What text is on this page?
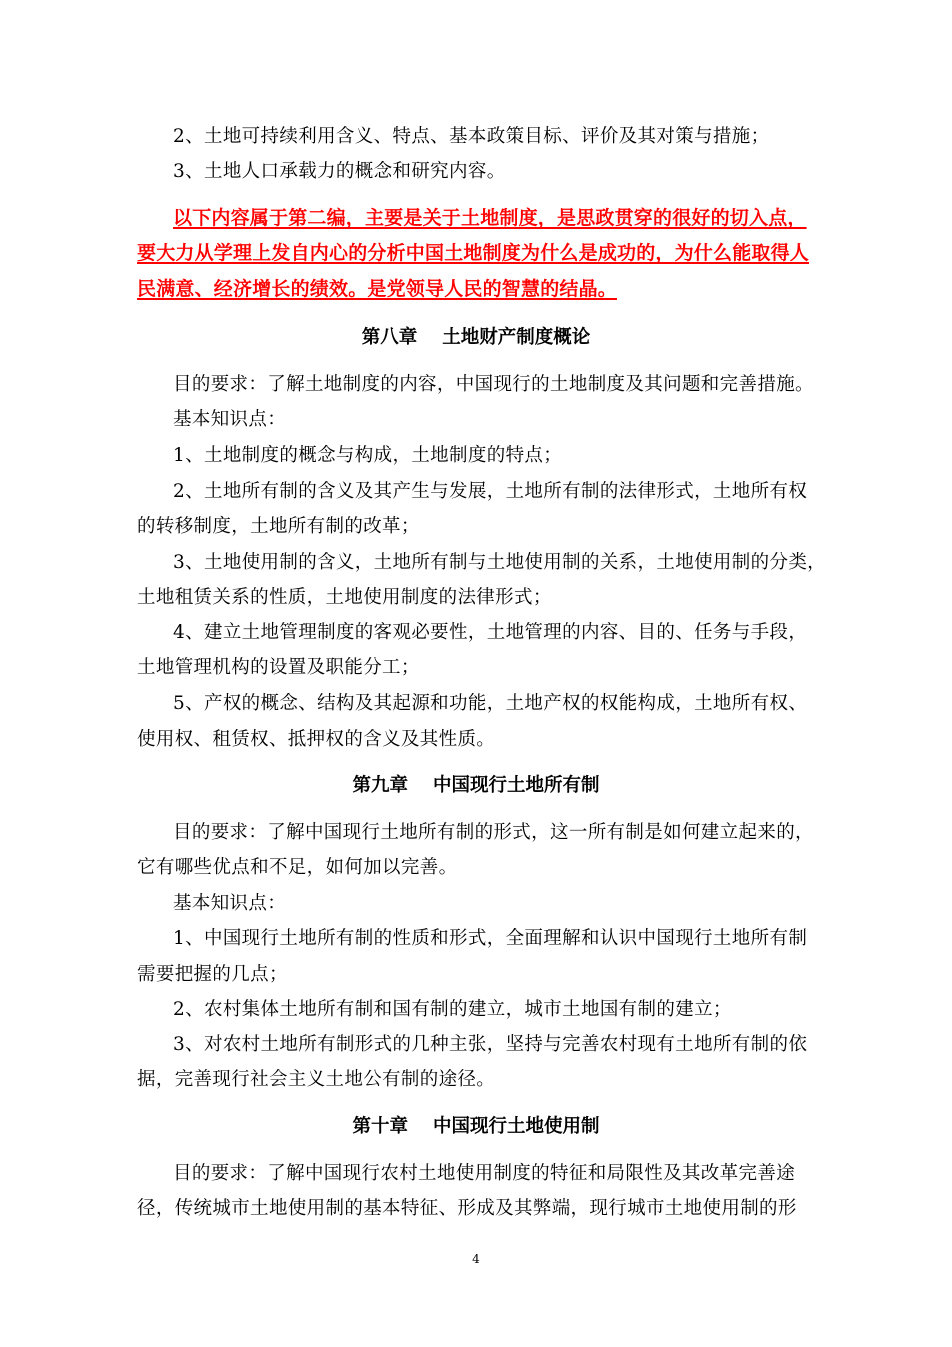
2、土地可持续利用含义、特点、基本政策目标、评价及其对策与措施；
3、土地人口承载力的概念和研究内容。
以下内容属于第二编，主要是关于土地制度，是思政贯穿的很好的切入点，
要大力从学理上发自内心的分析中国土地制度为什么是成功的，为什么能取得人
民满意、经济增长的绩效。是党领导人民的智慧的结晶。
第八章　 土地财产制度概论
目的要求：了解土地制度的内容，中国现行的土地制度及其问题和完善措施。
基本知识点：
1、土地制度的概念与构成，土地制度的特点；
2、土地所有制的含义及其产生与发展，土地所有制的法律形式，土地所有权
的转移制度，土地所有制的改革；
3、土地使用制的含义，土地所有制与土地使用制的关系，土地使用制的分类，
土地租赁关系的性质，土地使用制度的法律形式；
4、建立土地管理制度的客观必要性，土地管理的内容、目的、任务与手段，
土地管理机构的设置及职能分工；
5、产权的概念、结构及其起源和功能，土地产权的权能构成，土地所有权、
使用权、租赁权、抵押权的含义及其性质。
第九章　 中国现行土地所有制
目的要求：了解中国现行土地所有制的形式，这一所有制是如何建立起来的，
它有哪些优点和不足，如何加以完善。
基本知识点：
1、中国现行土地所有制的性质和形式，全面理解和认识中国现行土地所有制
需要把握的几点；
2、农村集体土地所有制和国有制的建立，城市土地国有制的建立；
3、对农村土地所有制形式的几种主张，坚持与完善农村现有土地所有制的依
据，完善现行社会主义土地公有制的途径。
第十章　 中国现行土地使用制
目的要求：了解中国现行农村土地使用制度的特征和局限性及其改革完善途
径，传统城市土地使用制的基本特征、形成及其弊端，现行城市土地使用制的形
4
